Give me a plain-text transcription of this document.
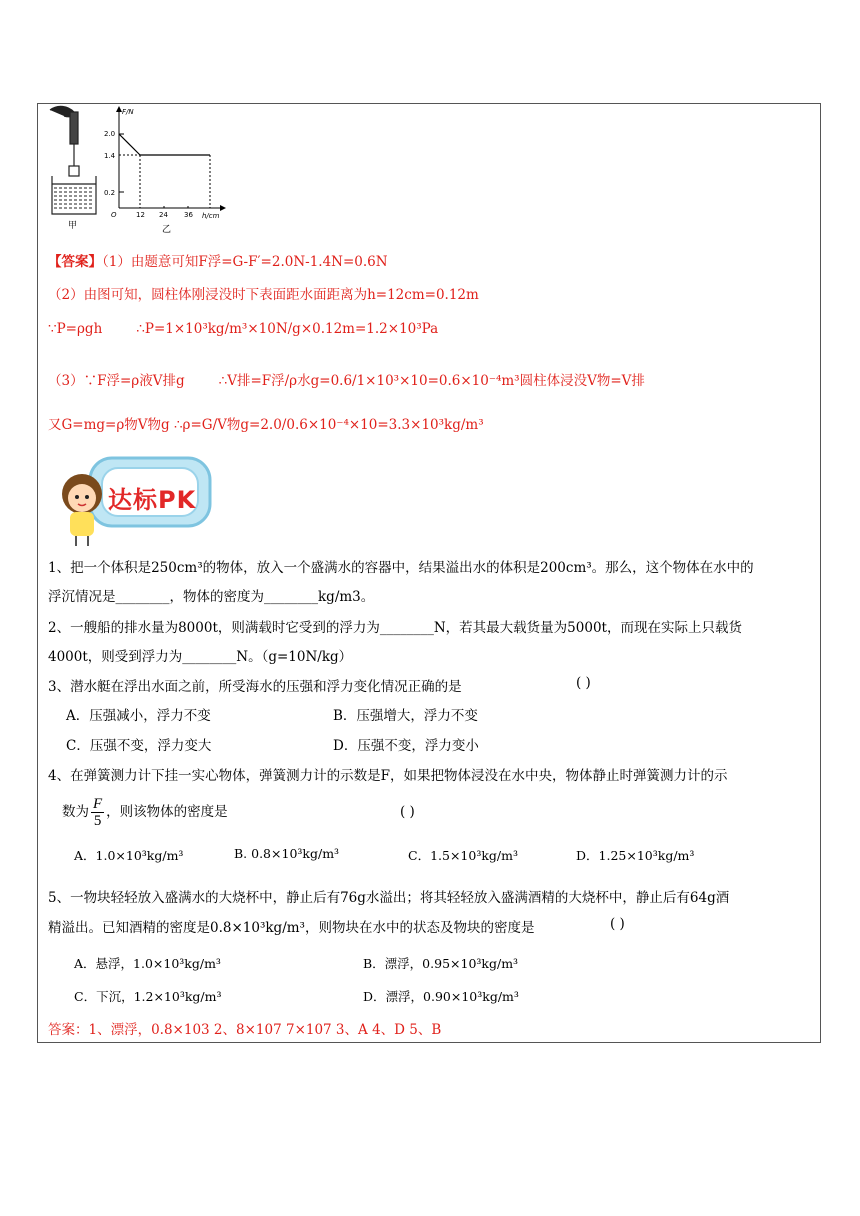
甲
F/N
h/cm
O
2.0
1.4
0.2
12 24 36
乙
【答案】（1）由题意可知F浮=G-F′=2.0N-1.4N=0.6N
（2）由图可知，圆柱体刚浸没时下表面距水面距离为h=12cm=0.12m
∵P=ρgh	∴P=1×10³kg/m³×10N/g×0.12m=1.2×10³Pa
（3）∵F浮=ρ液V排g	∴V排=F浮/ρ水g=0.6/1×10³×10=0.6×10⁻⁴m³圆柱体浸没V物=V排
又G=mg=ρ物V物g ∴ρ=G/V物g=2.0/0.6×10⁻⁴×10=3.3×10³kg/m³
达标PK
1、把一个体积是250cm³的物体，放入一个盛满水的容器中，结果溢出水的体积是200cm³。那么，这个物体在水中的
浮沉情况是________，物体的密度为________kg/m3。
2、一艘船的排水量为8000t，则满载时它受到的浮力为________N，若其最大载货量为5000t，而现在实际上只载货
4000t，则受到浮力为________N。（g=10N/kg）
3、潜水艇在浮出水面之前，所受海水的压强和浮力变化情况正确的是	( )
A．压强减小，浮力不变	B．压强增大，浮力不变
C．压强不变，浮力变大	D．压强不变，浮力变小
4、在弹簧测力计下挂一实心物体，弹簧测力计的示数是F，如果把物体浸没在水中央，物体静止时弹簧测力计的示
数为 $\frac{F}{5}$ ，则该物体的密度是	( )
A．1.0×10³kg/m³	B. 0.8×10³kg/m³	C．1.5×10³kg/m³	D．1.25×10³kg/m³
5、一物块轻轻放入盛满水的大烧杯中，静止后有76g水溢出；将其轻轻放入盛满酒精的大烧杯中，静止后有64g酒
精溢出。已知酒精的密度是0.8×10³kg/m³，则物块在水中的状态及物块的密度是	( )
A．悬浮，1.0×10³kg/m³	B．漂浮，0.95×10³kg/m³
C．下沉，1.2×10³kg/m³	D．漂浮，0.90×10³kg/m³
答案：1、漂浮，0.8×103 2、8×107 7×107 3、A 4、D 5、B
